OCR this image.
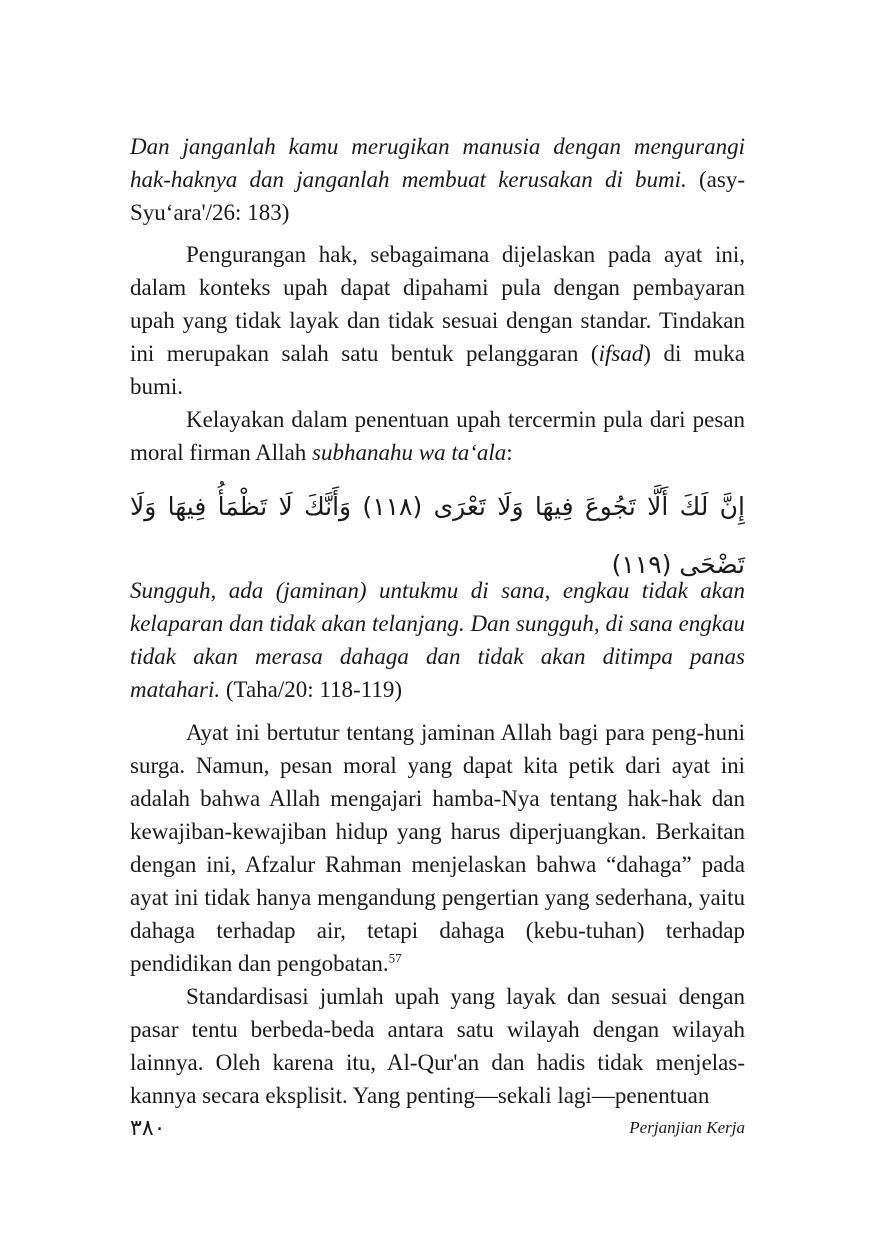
Dan janganlah kamu merugikan manusia dengan mengurangi hak-haknya dan janganlah membuat kerusakan di bumi. (asy-Syu‘ara'/26: 183)

Pengurangan hak, sebagaimana dijelaskan pada ayat ini, dalam konteks upah dapat dipahami pula dengan pembayaran upah yang tidak layak dan tidak sesuai dengan standar. Tindakan ini merupakan salah satu bentuk pelanggaran (ifsad) di muka bumi.

Kelayakan dalam penentuan upah tercermin pula dari pesan moral firman Allah subhanahu wa ta‘ala:

إِنَّ لَكَ أَلَّا تَجُوعَ فِيهَا وَلَا تَعْرَى (١١٨) وَأَنَّكَ لَا تَظْمَأُ فِيهَا وَلَا تَضْحَى (١١٩)

Sungguh, ada (jaminan) untukmu di sana, engkau tidak akan kelaparan dan tidak akan telanjang. Dan sungguh, di sana engkau tidak akan merasa dahaga dan tidak akan ditimpa panas matahari. (Taha/20: 118-119)

Ayat ini bertutur tentang jaminan Allah bagi para peng-huni surga. Namun, pesan moral yang dapat kita petik dari ayat ini adalah bahwa Allah mengajari hamba-Nya tentang hak-hak dan kewajiban-kewajiban hidup yang harus diperjuangkan. Berkaitan dengan ini, Afzalur Rahman menjelaskan bahwa “dahaga” pada ayat ini tidak hanya mengandung pengertian yang sederhana, yaitu dahaga terhadap air, tetapi dahaga (kebu-tuhan) terhadap pendidikan dan pengobatan.$^{57}$

Standardisasi jumlah upah yang layak dan sesuai dengan pasar tentu berbeda-beda antara satu wilayah dengan wilayah lainnya. Oleh karena itu, Al-Qur'an dan hadis tidak menjelas-kannya secara eksplisit. Yang penting—sekali lagi—penentuan

٣٨٠	Perjanjian Kerja
